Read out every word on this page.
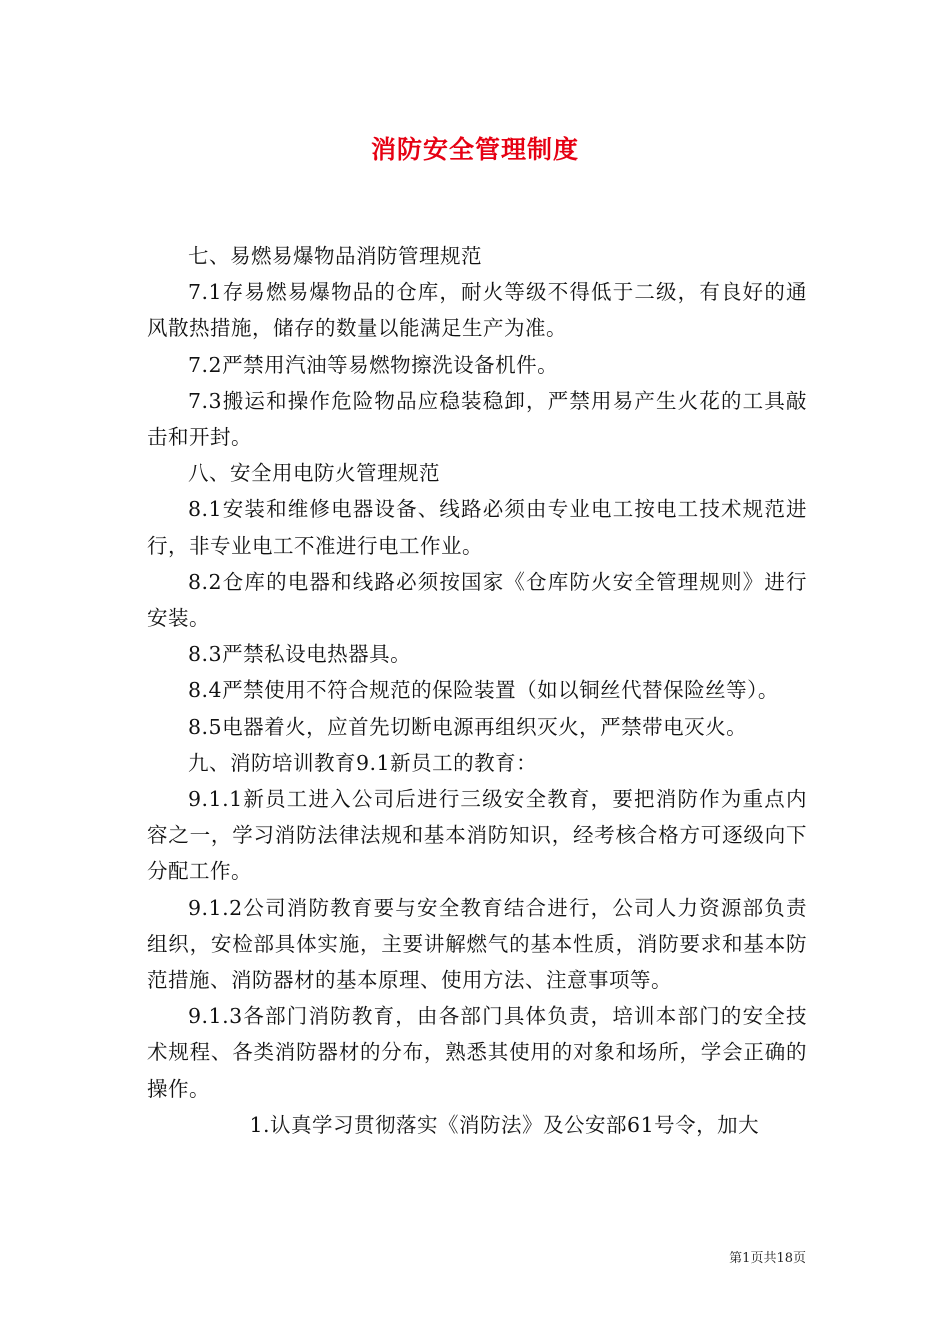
消防安全管理制度

七、易燃易爆物品消防管理规范

7.1存易燃易爆物品的仓库，耐火等级不得低于二级，有良好的通风散热措施，储存的数量以能满足生产为准。

7.2严禁用汽油等易燃物擦洗设备机件。

7.3搬运和操作危险物品应稳装稳卸，严禁用易产生火花的工具敲击和开封。

八、安全用电防火管理规范

8.1安装和维修电器设备、线路必须由专业电工按电工技术规范进行，非专业电工不准进行电工作业。

8.2仓库的电器和线路必须按国家《仓库防火安全管理规则》进行安装。

8.3严禁私设电热器具。

8.4严禁使用不符合规范的保险装置（如以铜丝代替保险丝等）。

8.5电器着火，应首先切断电源再组织灭火，严禁带电灭火。

九、消防培训教育9.1新员工的教育：

9.1.1新员工进入公司后进行三级安全教育，要把消防作为重点内容之一，学习消防法律法规和基本消防知识，经考核合格方可逐级向下分配工作。

9.1.2公司消防教育要与安全教育结合进行，公司人力资源部负责组织，安检部具体实施，主要讲解燃气的基本性质，消防要求和基本防范措施、消防器材的基本原理、使用方法、注意事项等。

9.1.3各部门消防教育，由各部门具体负责，培训本部门的安全技术规程、各类消防器材的分布，熟悉其使用的对象和场所，学会正确的操作。

1.认真学习贯彻落实《消防法》及公安部61号令，加大

第1页共18页
